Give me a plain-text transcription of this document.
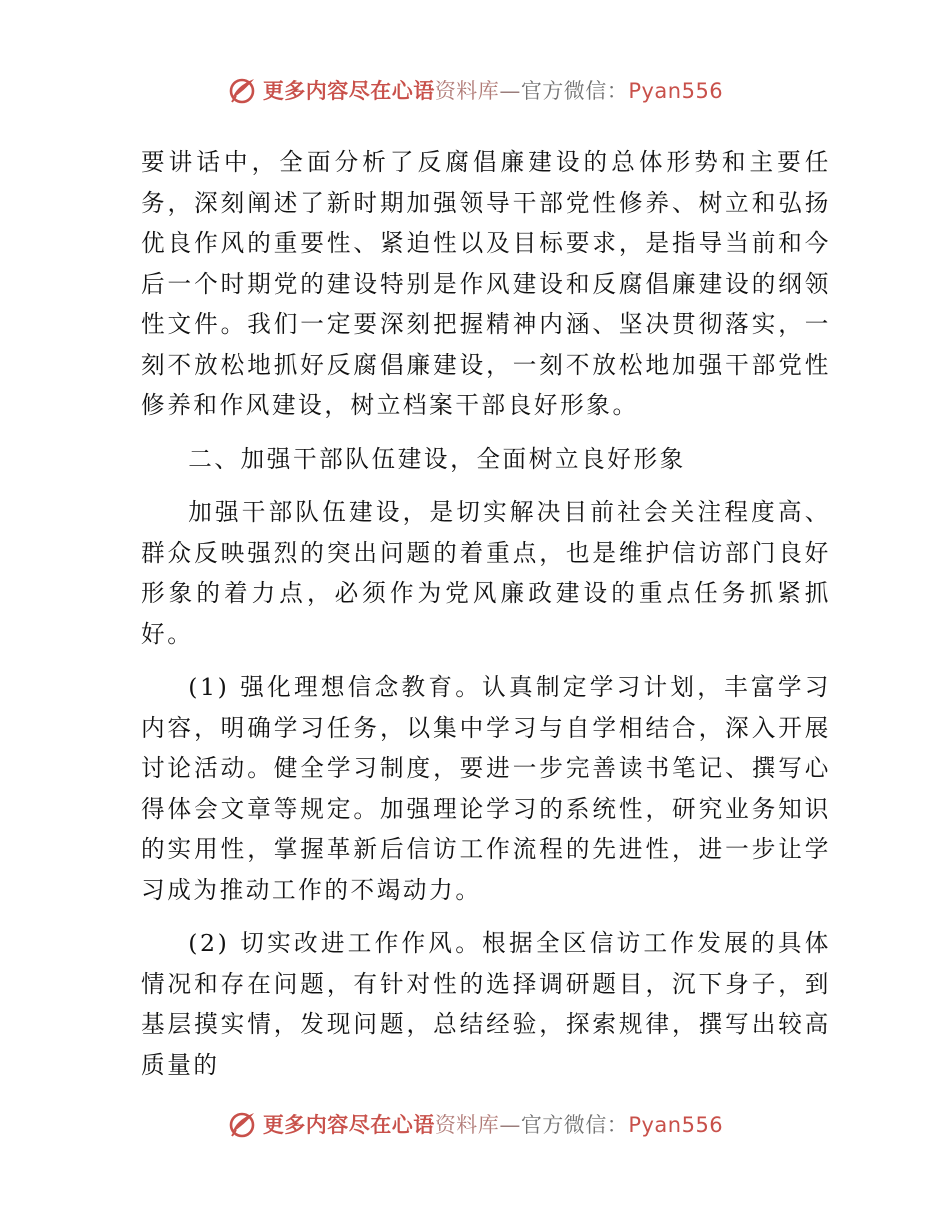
更多内容尽在心语资料库—官方微信：Pyan556

要讲话中，全面分析了反腐倡廉建设的总体形势和主要任务，深刻阐述了新时期加强领导干部党性修养、树立和弘扬优良作风的重要性、紧迫性以及目标要求，是指导当前和今后一个时期党的建设特别是作风建设和反腐倡廉建设的纲领性文件。我们一定要深刻把握精神内涵、坚决贯彻落实，一刻不放松地抓好反腐倡廉建设，一刻不放松地加强干部党性修养和作风建设，树立档案干部良好形象。

二、加强干部队伍建设，全面树立良好形象

加强干部队伍建设，是切实解决目前社会关注程度高、群众反映强烈的突出问题的着重点，也是维护信访部门良好形象的着力点，必须作为党风廉政建设的重点任务抓紧抓好。

(1) 强化理想信念教育。认真制定学习计划，丰富学习内容，明确学习任务，以集中学习与自学相结合，深入开展讨论活动。健全学习制度，要进一步完善读书笔记、撰写心得体会文章等规定。加强理论学习的系统性，研究业务知识的实用性，掌握革新后信访工作流程的先进性，进一步让学习成为推动工作的不竭动力。

(2) 切实改进工作作风。根据全区信访工作发展的具体情况和存在问题，有针对性的选择调研题目，沉下身子，到基层摸实情，发现问题，总结经验，探索规律，撰写出较高质量的

更多内容尽在心语资料库—官方微信：Pyan556
